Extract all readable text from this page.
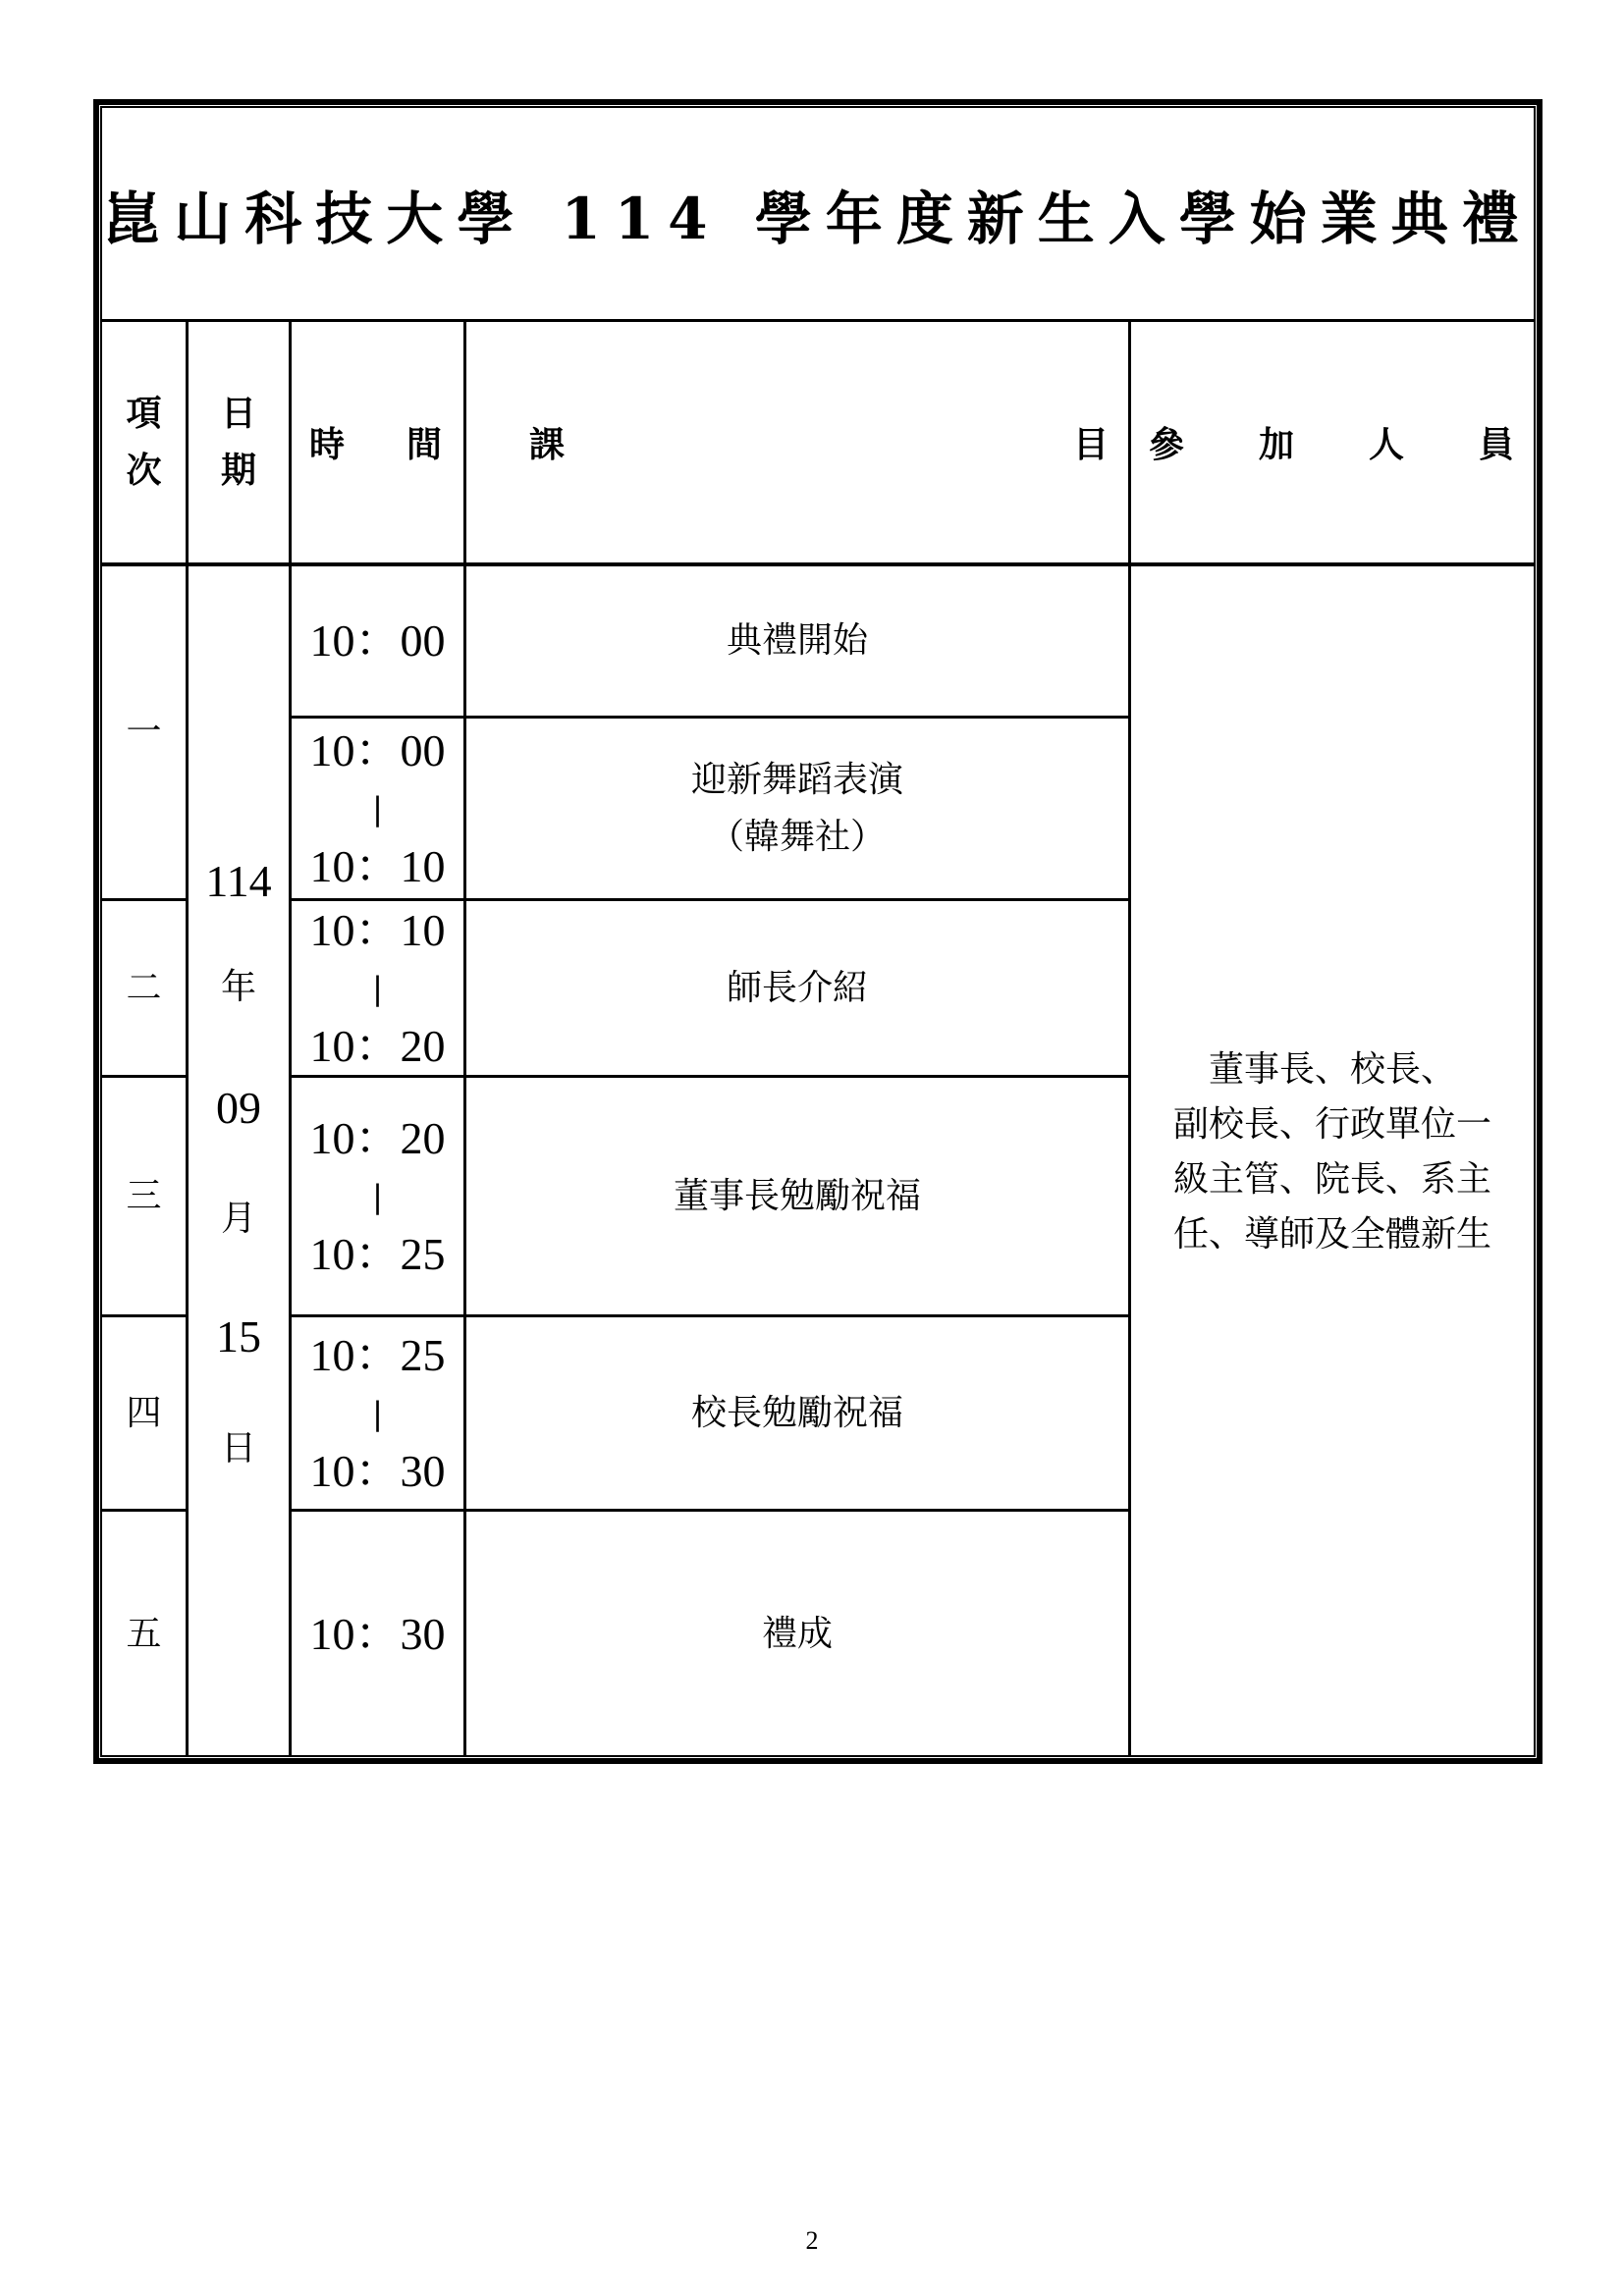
崑山科技大學 114 學年度新生入學始業典禮
項
次
日
期
時 間 課	目 參 加 人 員
一
二
三
四
五
114
年
09
月
15
日
10：00
10：00
|
10：10
10：10
|
10：20
10：20
|
10：25
10：25
|
10：30
10：30
典禮開始
迎新舞蹈表演
（韓舞社）
師長介紹
董事長勉勵祝福
校長勉勵祝福
禮成
董事長、校長、
副校長、行政單位一
級主管、院長、系主
任、導師及全體新生
2
